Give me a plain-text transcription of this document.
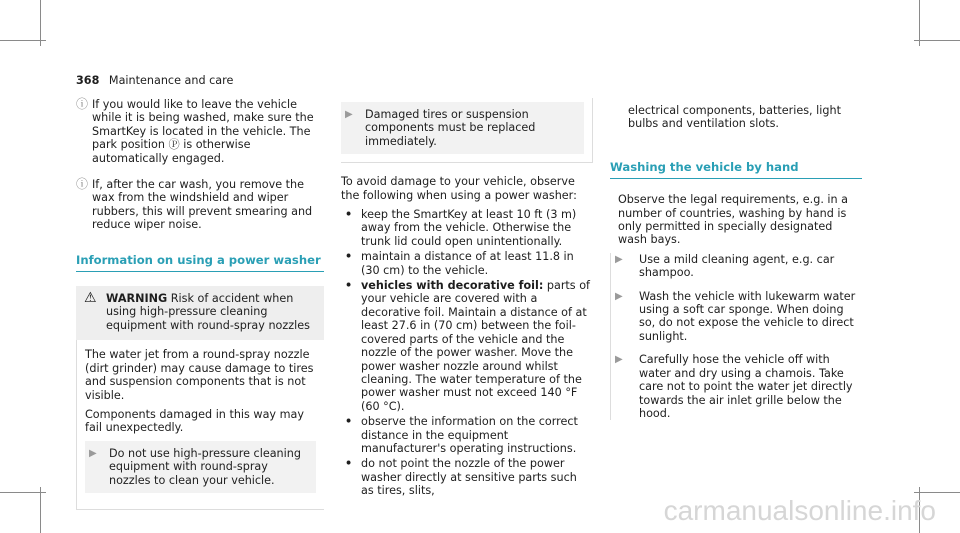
368 Maintenance and care
ⓘ If you would like to leave the vehicle while it is being washed, make sure the SmartKey is located in the vehicle. The park position Ⓟ is otherwise automatically engaged.
ⓘ If, after the car wash, you remove the wax from the windshield and wiper rubbers, this will prevent smearing and reduce wiper noise.
Information on using a power washer
⚠ WARNING Risk of accident when using high-pressure cleaning equipment with round-spray nozzles

The water jet from a round-spray nozzle (dirt grinder) may cause damage to tires and suspension components that is not visible.

Components damaged in this way may fail unexpectedly.

▶	Do not use high-pressure cleaning equipment with round-spray nozzles to clean your vehicle.
▶	Damaged tires or suspension components must be replaced immediately.

To avoid damage to your vehicle, observe the following when using a power washer:

• keep the SmartKey at least 10 ft (3 m) away from the vehicle. Otherwise the trunk lid could open unintentionally.
• maintain a distance of at least 11.8 in (30 cm) to the vehicle.
• vehicles with decorative foil: parts of your vehicle are covered with a decorative foil. Maintain a distance of at least 27.6 in (70 cm) between the foil-covered parts of the vehicle and the nozzle of the power washer. Move the power washer nozzle around whilst cleaning. The water temperature of the power washer must not exceed 140 °F (60 °C).
• observe the information on the correct distance in the equipment manufacturer's operating instructions.
• do not point the nozzle of the power washer directly at sensitive parts such as tires, slits,

electrical components, batteries, light bulbs and ventilation slots.

Washing the vehicle by hand

Observe the legal requirements, e.g. in a number of countries, washing by hand is only permitted in specially designated wash bays.

▶	Use a mild cleaning agent, e.g. car shampoo.
▶	Wash the vehicle with lukewarm water using a soft car sponge. When doing so, do not expose the vehicle to direct sunlight.
▶	Carefully hose the vehicle off with water and dry using a chamois. Take care not to point the water jet directly towards the air inlet grille below the hood.
carmanualsonline.info
